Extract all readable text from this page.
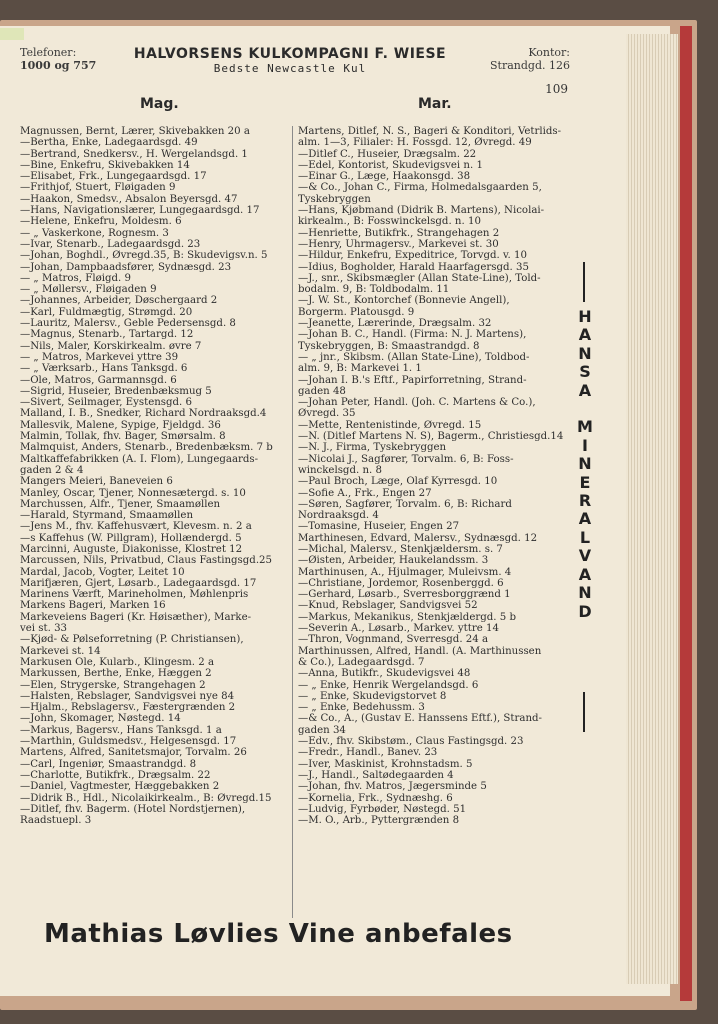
Telefoner:
1000 og 757
HALVORSENS KULKOMPAGNI F. WIESE
Bedste Newcastle Kul
Kontor:
Strandgd. 126
109
Mag.	Mar.
Magnussen, Bernt, Lærer, Skivebakken 20 a
—Bertha, Enke, Ladegaardsgd. 49
—Bertrand, Snedkersv., H. Wergelandsgd. 1
—Bine, Enkefru, Skivebakken 14
—Elisabet, Frk., Lungegaardsgd. 17
—Frithjof, Stuert, Fløigaden 9
—Haakon, Smedsv., Absalon Beyersgd. 47
—Hans, Navigationslærer, Lungegaardsgd. 17
—Helene, Enkefru, Moldesm. 6
— „ Vaskerkone, Rognesm. 3
—Ivar, Stenarb., Ladegaardsgd. 23
—Johan, Boghdl., Øvregd.35, B: Skudevigsv.n. 5
—Johan, Dampbaadsfører, Sydnæsgd. 23
— „ Matros, Fløigd. 9
— „ Møllersv., Fløigaden 9
—Johannes, Arbeider, Døschergaard 2
—Karl, Fuldmægtig, Strømgd. 20
—Lauritz, Malersv., Geble Pedersensgd. 8
—Magnus, Stenarb., Tartargd. 12
—Nils, Maler, Korskirkealm. øvre 7
— „ Matros, Markevei yttre 39
— „ Værksarb., Hans Tanksgd. 6
—Ole, Matros, Garmannsgd. 6
—Sigrid, Huseier, Bredenbæksmug 5
—Sivert, Seilmager, Eystensgd. 6
Malland, I. B., Snedker, Richard Nordraaksgd.4
Mallesvik, Malene, Sypige, Fjeldgd. 36
Malmin, Tollak, fhv. Bager, Smørsalm. 8
Malmquist, Anders, Stenarb., Bredenbæksm. 7 b
Maltkaffefabrikken (A. I. Flom), Lungegaards-
gaden 2 & 4
Mangers Meieri, Baneveien 6
Manley, Oscar, Tjener, Nonnesætergd. s. 10
Marchussen, Alfr., Tjener, Smaamøllen
—Harald, Styrmand, Smaamøllen
—Jens M., fhv. Kaffehusvært, Klevesm. n. 2 a
—s Kaffehus (W. Pillgram), Hollændergd. 5
Marcinni, Auguste, Diakonisse, Klostret 12
Marcussen, Nils, Privatbud, Claus Fastingsgd.25
Mardal, Jacob, Vogter, Leitet 10
Marifjæren, Gjert, Løsarb., Ladegaardsgd. 17
Marinens Værft, Marineholmen, Møhlenpris
Markens Bageri, Marken 16
Markeveiens Bageri (Kr. Høisæther), Marke-
vei st. 33
—Kjød- & Pølseforretning (P. Christiansen),
Markevei st. 14
Markusen Ole, Kularb., Klingesm. 2 a
Markussen, Berthe, Enke, Hæggen 2
—Elen, Strygerske, Strangehagen 2
—Halsten, Rebslager, Sandvigsvei nye 84
—Hjalm., Rebslagersv., Fæstergrænden 2
—John, Skomager, Nøstegd. 14
—Markus, Bagersv., Hans Tanksgd. 1 a
—Marthin, Guldsmedsv., Helgesensgd. 17
Martens, Alfred, Sanitetsmajor, Torvalm. 26
—Carl, Ingeniør, Smaastrandgd. 8
—Charlotte, Butikfrk., Drægsalm. 22
—Daniel, Vagtmester, Hæggebakken 2
—Didrik B., Hdl., Nicolaikirkealm., B: Øvregd.15
—Ditlef, fhv. Bagerm. (Hotel Nordstjernen),
Raadstuepl. 3
Martens, Ditlef, N. S., Bageri & Konditori, Vetrlids-
alm. 1—3, Filialer: H. Fossgd. 12, Øvregd. 49
—Ditlef C., Huseier, Drægsalm. 22
—Edel, Kontorist, Skudevigsvei n. 1
—Einar G., Læge, Haakonsgd. 38
—& Co., Johan C., Firma, Holmedalsgaarden 5,
Tyskebryggen
—Hans, Kjøbmand (Didrik B. Martens), Nicolai-
kirkealm., B: Fosswinckelsgd. n. 10
—Henriette, Butikfrk., Strangehagen 2
—Henry, Uhrmagersv., Markevei st. 30
—Hildur, Enkefru, Expeditrice, Torvgd. v. 10
—Idius, Bogholder, Harald Haarfagersgd. 35
—J., snr., Skibsmægler (Allan State-Line), Told-
bodalm. 9, B: Toldbodalm. 11
—J. W. St., Kontorchef (Bonnevie Angell),
Borgerm. Platousgd. 9
—Jeanette, Lærerinde, Drægsalm. 32
—Johan B. C., Handl. (Firma: N. J. Martens),
Tyskebryggen, B: Smaastrandgd. 8
— „ jnr., Skibsm. (Allan State-Line), Toldbod-
alm. 9, B: Markevei 1. 1
—Johan I. B.'s Eftf., Papirforretning, Strand-
gaden 48
—Johan Peter, Handl. (Joh. C. Martens & Co.),
Øvregd. 35
—Mette, Rentenistinde, Øvregd. 15
—N. (Ditlef Martens N. S), Bagerm., Christiesgd.14
—N. J., Firma, Tyskebryggen
—Nicolai J., Sagfører, Torvalm. 6, B: Foss-
winckelsgd. n. 8
—Paul Broch, Læge, Olaf Kyrresgd. 10
—Sofie A., Frk., Engen 27
—Søren, Sagfører, Torvalm. 6, B: Richard
Nordraaksgd. 4
—Tomasine, Huseier, Engen 27
Marthinesen, Edvard, Malersv., Sydnæsgd. 12
—Michal, Malersv., Stenkjældersm. s. 7
—Øisten, Arbeider, Haukelandssm. 3
Marthinusen, A., Hjulmager, Muleivsm. 4
—Christiane, Jordemor, Rosenberggd. 6
—Gerhard, Løsarb., Sverresborggrænd 1
—Knud, Rebslager, Sandvigsvei 52
—Markus, Mekanikus, Stenkjældergd. 5 b
—Severin A., Løsarb., Markev. yttre 14
—Thron, Vognmand, Sverresgd. 24 a
Marthinussen, Alfred, Handl. (A. Marthinussen
& Co.), Ladegaardsgd. 7
—Anna, Butikfr., Skudevigsvei 48
— „ Enke, Henrik Wergelandsgd. 6
— „ Enke, Skudevigstorvet 8
— „ Enke, Bedehussm. 3
—& Co., A., (Gustav E. Hanssens Eftf.), Strand-
gaden 34
—Edv., fhv. Skibstøm., Claus Fastingsgd. 23
—Fredr., Handl., Banev. 23
—Iver, Maskinist, Krohnstadsm. 5
—J., Handl., Saltødegaarden 4
—Johan, fhv. Matros, Jægersminde 5
—Kornelia, Frk., Sydnæshg. 6
—Ludvig, Fyrbøder, Nøstegd. 51
—M. O., Arb., Pyttergrænden 8
H
A
N
S
A

M
I
N
E
R
A
L
V
A
N
D
Mathias Løvlies Vine anbefales
